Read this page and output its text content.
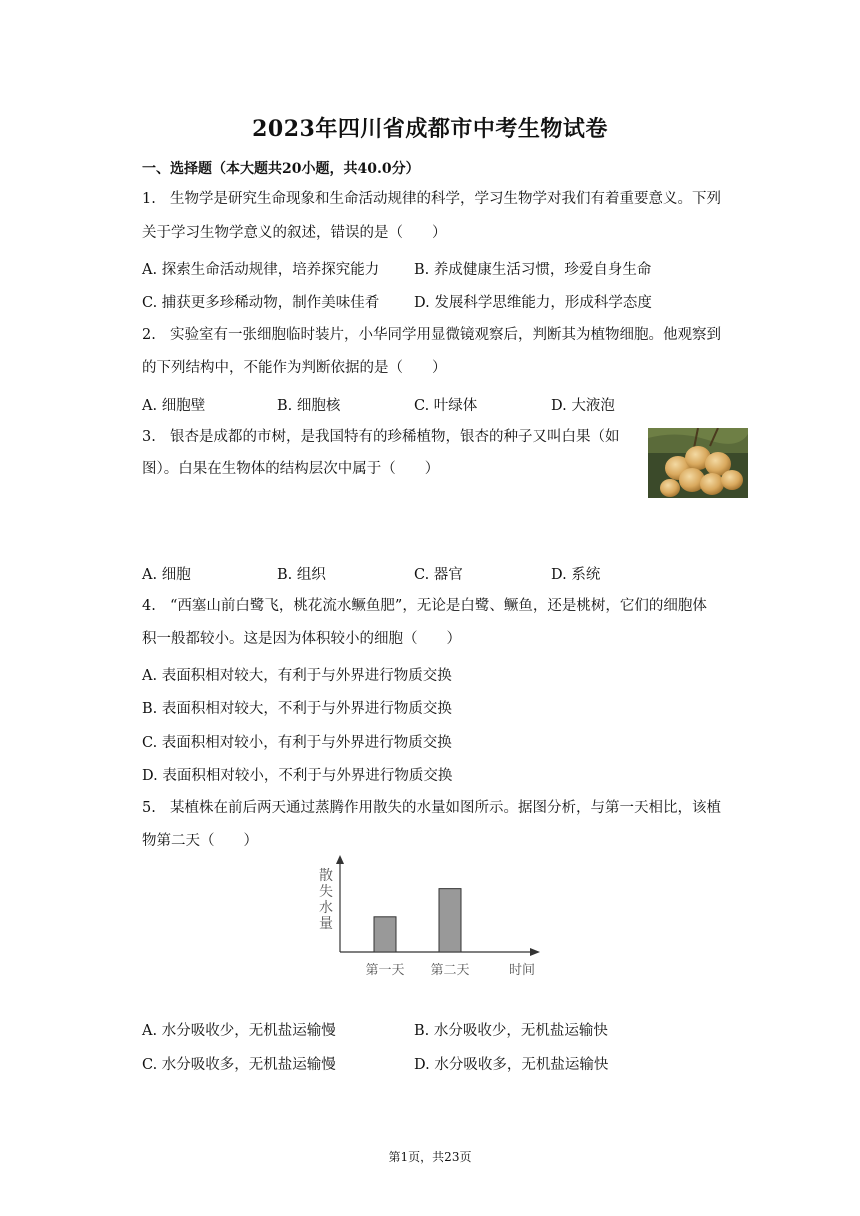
2023年四川省成都市中考生物试卷
一、选择题（本大题共20小题，共40.0分）
1. 生物学是研究生命现象和生命活动规律的科学，学习生物学对我们有着重要意义。下列
关于学习生物学意义的叙述，错误的是（　　）
A. 探索生命活动规律，培养探究能力 B. 养成健康生活习惯，珍爱自身生命
C. 捕获更多珍稀动物，制作美味佳肴 D. 发展科学思维能力，形成科学态度
2. 实验室有一张细胞临时装片，小华同学用显微镜观察后，判断其为植物细胞。他观察到
的下列结构中，不能作为判断依据的是（　　）
A. 细胞壁	B. 细胞核	C. 叶绿体	D. 大液泡
3. 银杏是成都的市树，是我国特有的珍稀植物，银杏的种子又叫白果（如
图）。白果在生物体的结构层次中属于（　　）
A. 细胞	B. 组织	C. 器官	D. 系统
4. “西塞山前白鹭飞，桃花流水鳜鱼肥”，无论是白鹭、鳜鱼，还是桃树，它们的细胞体
积一般都较小。这是因为体积较小的细胞（　　）
A. 表面积相对较大，有利于与外界进行物质交换
B. 表面积相对较大，不利于与外界进行物质交换
C. 表面积相对较小，有利于与外界进行物质交换
D. 表面积相对较小，不利于与外界进行物质交换
5. 某植株在前后两天通过蒸腾作用散失的水量如图所示。据图分析，与第一天相比，该植
物第二天（　　）
散
失
水
量
第一天 第二天	时间
A. 水分吸收少，无机盐运输慢	B. 水分吸收少，无机盐运输快
C. 水分吸收多，无机盐运输慢	D. 水分吸收多，无机盐运输快
第1页，共23页
